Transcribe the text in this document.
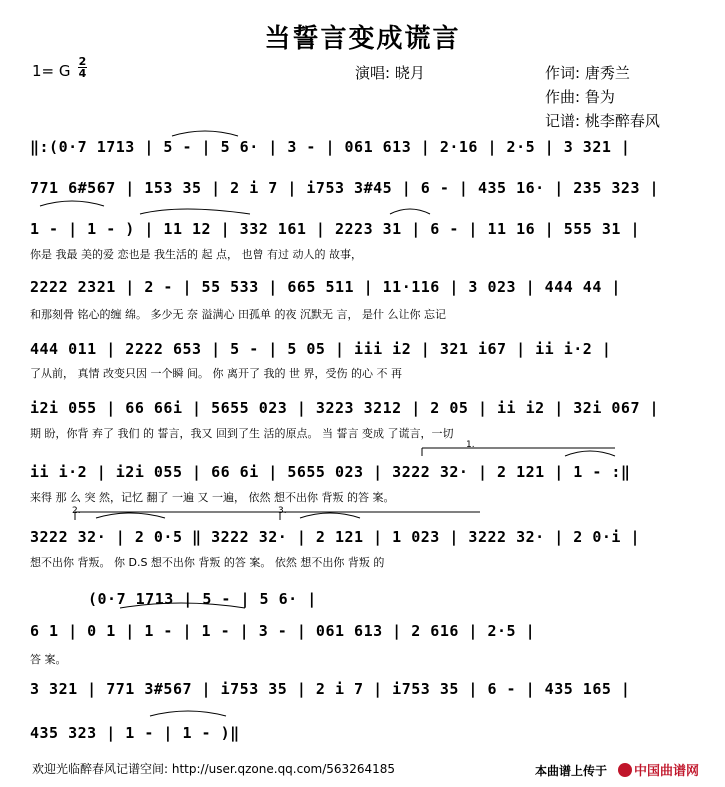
当誓言变成谎言
1= G
2
4	演唱: 晓月	作词: 唐秀兰
作曲: 鲁为
记谱: 桃李醉春风
‖:(0·7 1713 | 5 - | 5 6· | 3 - | 061 613 | 2·16 | 2·5 | 3 321 |
771 6#567 | 153 35 | 2 i 7 | i753 3#45 | 6 - | 435 16· | 235 323 |
1 - | 1 - ) | 11 12 | 332 161 | 2223 31 | 6 - | 11 16 | 555 31 |
你是 我最 美的爱 恋也是 我生活的 起 点， 也曾 有过 动人的 故事，
2222 2321 | 2 - | 55 533 | 665 511 | 11·116 | 3 023 | 444 44 |
和那刻骨 铭心的缠 绵。 多少无 奈 溢满心 田孤单 的夜 沉默无 言， 是什 么让你 忘记
444 011 | 2222 653 | 5 - | 5 05 | iii i2 | 321 i67 | ii i·2 |
了从前， 真情 改变只因 一个瞬 间。 你 离开了 我的 世 界，受伤 的心 不 再
i2i 055 | 66 66i | 5655 023 | 3223 3212 | 2 05 | ii i2 | 32i 067 |
期 盼，你背 弃了 我们 的 誓言，我又 回到了生 活的原点。 当 誓言 变成 了谎言，一切
ii i·2 | i2i 055 | 66 6i | 5655 023 | 3222 32· | 2 121 | 1 - :‖
来得 那 么 突 然，记忆 翻了 一遍 又 一遍， 依然 想不出你 背叛 的答 案。
3222 32· | 2 0·5 ‖ 3222 32· | 2 121 | 1 023 | 3222 32· | 2 0·i |
想不出你 背叛。 你 D.S 想不出你 背叛 的答 案。 依然 想不出你 背叛 的
(0·7 1713 | 5 - | 5 6· |
6 1 | 0 1 | 1 - | 1 - | 3 - | 061 613 | 2 616 | 2·5 |
答 案。
3 321 | 771 3#567 | i753 35 | 2 i 7 | i753 35 | 6 - | 435 165 |
435 323 | 1 - | 1 - )‖
1.
2.	3.
欢迎光临醉春风记谱空间: http://user.qzone.qq.com/563264185	本曲谱上传于	中国曲谱网
